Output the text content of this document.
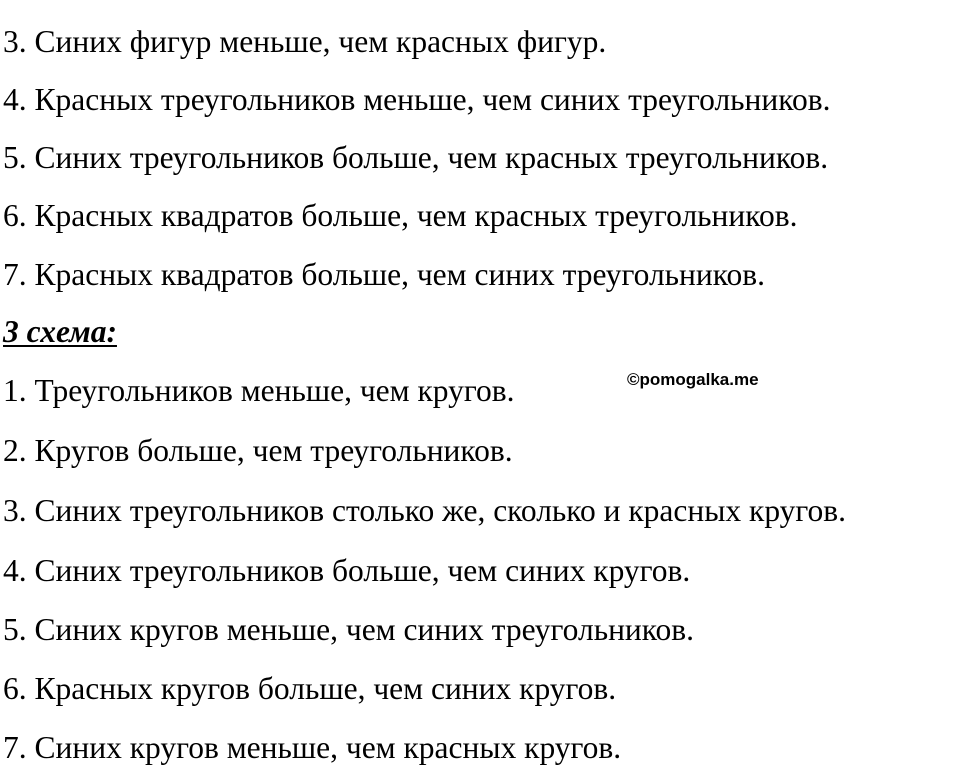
3. Синих фигур меньше, чем красных фигур.

4. Красных треугольников меньше, чем синих треугольников.

5. Синих треугольников больше, чем красных треугольников.

6. Красных квадратов больше, чем красных треугольников.

7. Красных квадратов больше, чем синих треугольников.

3 схема:

©pomogalka.me

1. Треугольников меньше, чем кругов.

2. Кругов больше, чем треугольников.

3. Синих треугольников столько же, сколько и красных кругов.

4. Синих треугольников больше, чем синих кругов.

5. Синих кругов меньше, чем синих треугольников.

6. Красных кругов больше, чем синих кругов.

7. Синих кругов меньше, чем красных кругов.
